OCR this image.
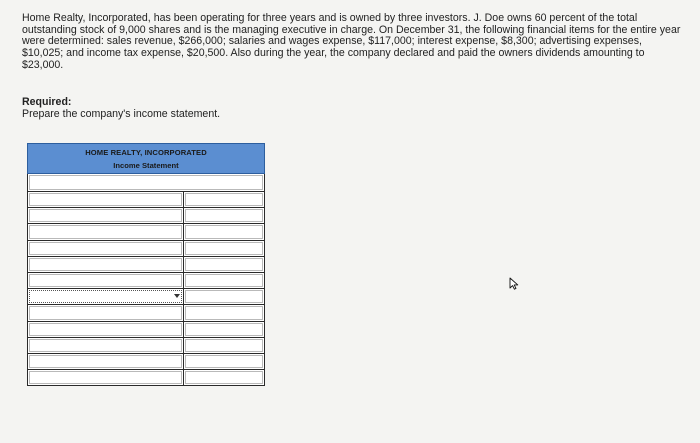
Home Realty, Incorporated, has been operating for three years and is owned by three investors. J. Doe owns 60 percent of the total outstanding stock of 9,000 shares and is the managing executive in charge. On December 31, the following financial items for the entire year were determined: sales revenue, $266,000; salaries and wages expense, $117,000; interest expense, $8,300; advertising expenses, $10,025; and income tax expense, $20,500. Also during the year, the company declared and paid the owners dividends amounting to $23,000.
Required:
Prepare the company's income statement.
HOME REALTY, INCORPORATED
Income Statement
